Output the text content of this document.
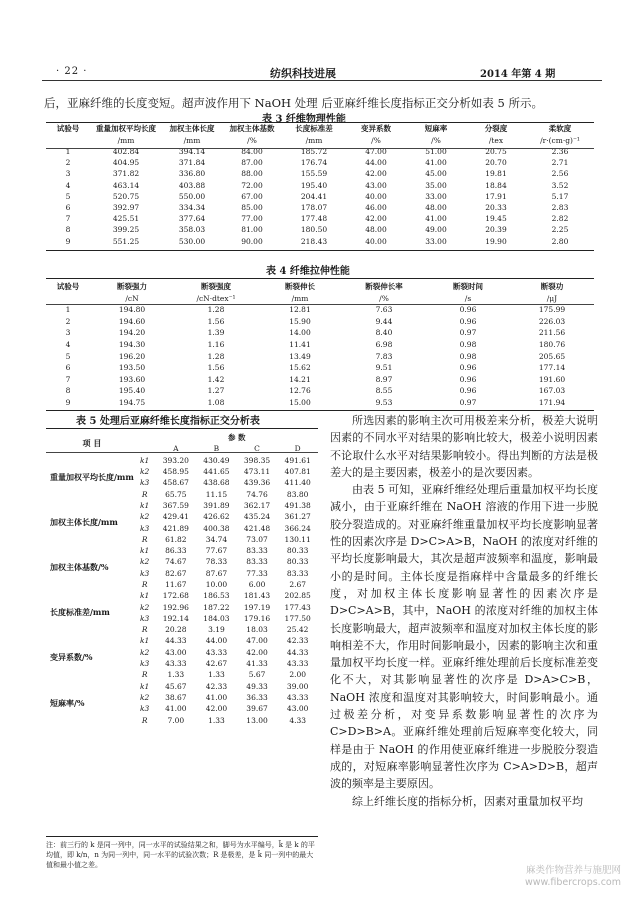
· 22 ·	纺织科技进展	2014 年第 4 期
后，亚麻纤维的长度变短。超声波作用下 NaOH 处理 后亚麻纤维长度指标正交分析如表 5 所示。
表 3 纤维物理性能
试验号	重量加权平均长度	加权主体长度	加权主体基数	长度标准差	变异系数	短麻率	分裂度	柔软度
	/mm	/mm	/%	/mm	/%	/%	/tex	/r·(cm·g)⁻¹
1	402.84	394.14	84.00	185.72	47.00	51.00	20.75	2.36
2	404.95	371.84	87.00	176.74	44.00	41.00	20.70	2.71
3	371.82	336.80	88.00	155.59	42.00	45.00	19.81	2.56
4	463.14	403.88	72.00	195.40	43.00	35.00	18.84	3.52
5	520.75	550.00	67.00	204.41	40.00	33.00	17.91	5.17
6	392.97	334.34	85.00	178.07	46.00	48.00	20.33	2.83
7	425.51	377.64	77.00	177.48	42.00	41.00	19.45	2.82
8	399.25	358.03	81.00	180.50	48.00	49.00	20.39	2.25
9	551.25	530.00	90.00	218.43	40.00	33.00	19.90	2.80
表 4 纤维拉伸性能
试验号	断裂强力	断裂强度	断裂伸长	断裂伸长率	断裂时间	断裂功
	/cN	/cN·dtex⁻¹	/mm	/%	/s	/μJ
1	194.80	1.28	12.81	7.63	0.96	175.99
2	194.60	1.56	15.90	9.44	0.96	226.03
3	194.20	1.39	14.00	8.40	0.97	211.56
4	194.30	1.16	11.41	6.98	0.98	180.76
5	196.20	1.28	13.49	7.83	0.98	205.65
6	193.50	1.56	15.62	9.51	0.96	177.14
7	193.60	1.42	14.21	8.97	0.96	191.60
8	195.40	1.27	12.76	8.55	0.96	167.03
9	194.75	1.08	15.00	9.53	0.97	171.94
表 5 处理后亚麻纤维长度指标正交分析表
项 目		参 数			
		A	B	C	D
重量加权平均长度/mm	k1	393.20	430.49	398.35	491.61
	k2	458.95	441.65	473.11	407.81
	k3	458.67	438.68	439.36	411.40
	R	65.75	11.15	74.76	83.80
加权主体长度/mm	k1	367.59	391.89	362.17	491.38
	k2	429.41	426.62	435.24	361.27
	k3	421.89	400.38	421.48	366.24
	R	61.82	34.74	73.07	130.11
加权主体基数/%	k1	86.33	77.67	83.33	80.33
	k2	74.67	78.33	83.33	80.33
	k3	82.67	87.67	77.33	83.33
	R	11.67	10.00	6.00	2.67
长度标准差/mm	k1	172.68	186.53	181.43	202.85
	k2	192.96	187.22	197.19	177.43
	k3	192.14	184.03	179.16	177.50
	R	20.28	3.19	18.03	25.42
变异系数/%	k1	44.33	44.00	47.00	42.33
	k2	43.00	43.33	42.00	44.33
	k3	43.33	42.67	41.33	43.33
	R	1.33	1.33	5.67	2.00
短麻率/%	k1	45.67	42.33	49.33	39.00
	k2	38.67	41.00	36.33	43.33
	k3	41.00	42.00	39.67	43.00
	R	7.00	1.33	13.00	4.33
注：前三行的 k 是同一列中，同一水平的试验结果之和，脚号为水平编号，k̄ 是 k 的平均值，即 k/n，n 为同一列中，同一水平的试验次数；R 是极差，是 k̄ 同一列中的最大值和最小值之差。

所选因素的影响主次可用极差来分析，极差大说明因素的不同水平对结果的影响比较大，极差小说明因素不论取什么水平对结果影响较小。得出判断的方法是极差大的是主要因素，极差小的是次要因素。

由表 5 可知，亚麻纤维经处理后重量加权平均长度减小，由于亚麻纤维在 NaOH 溶液的作用下进一步脱胶分裂造成的。对亚麻纤维重量加权平均长度影响显著性的因素次序是 D>C>A>B，NaOH 的浓度对纤维的平均长度影响最大，其次是超声波频率和温度，影响最小的是时间。主体长度是指麻样中含量最多的纤维长度，对加权主体长度影响显著性的因素次序是 D>C>A>B，其中，NaOH 的浓度对纤维的加权主体长度影响最大，超声波频率和温度对加权主体长度的影响相差不大，作用时间影响最小，因素的影响主次和重量加权平均长度一样。亚麻纤维处理前后长度标准差变化不大，对其影响显著性的次序是 D>A>C>B，NaOH 浓度和温度对其影响较大，时间影响最小。通过极差分析，对变异系数影响显著性的次序为 C>D>B>A。亚麻纤维处理前后短麻率变化较大，同样是由于 NaOH 的作用使亚麻纤维进一步脱胶分裂造成的，对短麻率影响显著性次序为 C>A>D>B，超声波的频率是主要原因。

综上纤维长度的指标分析，因素对重量加权平均

麻类作物营养与施肥网
www.fibercrops.com
